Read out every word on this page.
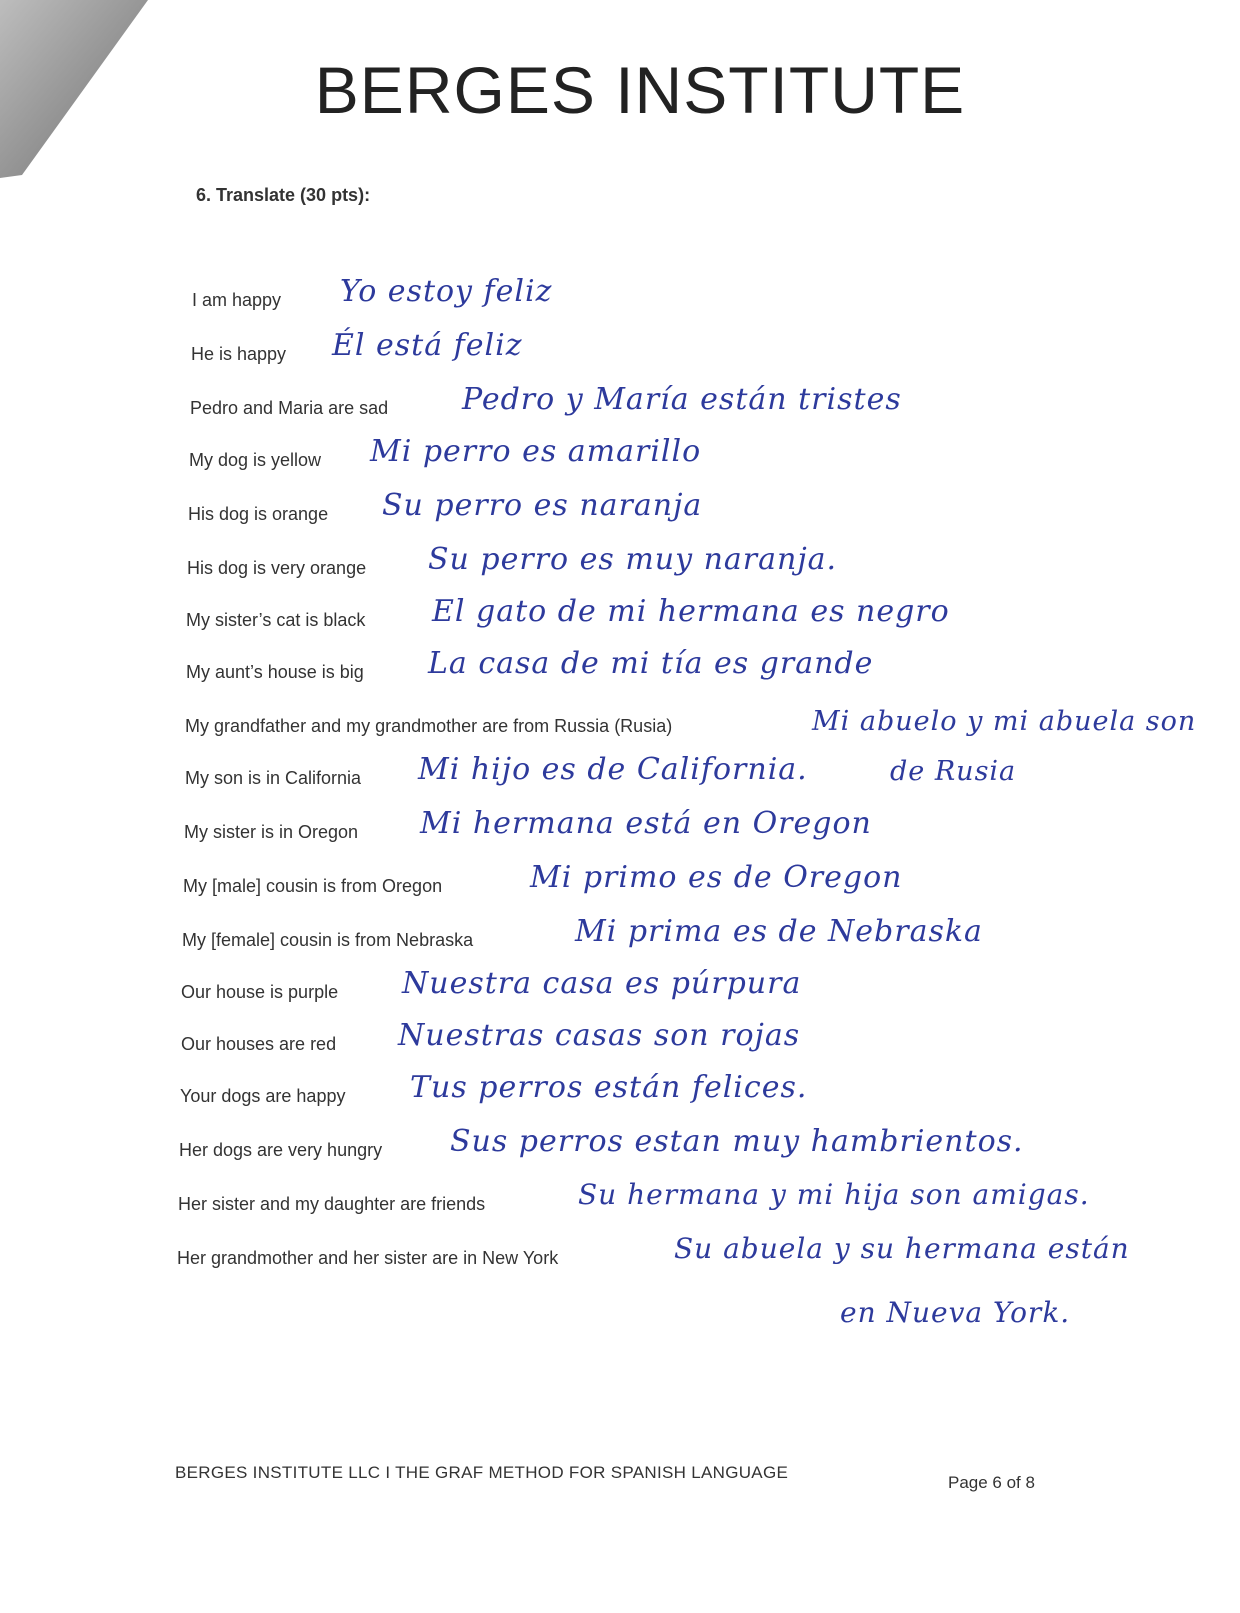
BERGES INSTITUTE
6. Translate (30 pts):
I am happy Yo estoy feliz
He is happy Él está feliz
Pedro and Maria are sad Pedro y María están tristes
My dog is yellow Mi perro es amarillo
His dog is orange Su perro es naranja
His dog is very orange Su perro es muy naranja.
My sister’s cat is black El gato de mi hermana es negro
My aunt’s house is big La casa de mi tía es grande
My grandfather and my grandmother are from Russia (Rusia)	Mi abuelo y mi abuela son
de Rusia
My son is in California Mi hijo es de California.
My sister is in Oregon Mi hermana está en Oregon
My [male] cousin is from Oregon	Mi primo es de Oregon
My [female] cousin is from Nebraska	Mi prima es de Nebraska
Our house is purple Nuestra casa es púrpura
Our houses are red Nuestras casas son rojas
Your dogs are happy Tus perros están felices.
Her dogs are very hungry Sus perros estan muy hambrientos.
Her sister and my daughter are friends	Su hermana y mi hija son amigas.
Her grandmother and her sister are in New York	Su abuela y su hermana están
en Nueva York.
BERGES INSTITUTE LLC I THE GRAF METHOD FOR SPANISH LANGUAGE
Page 6 of 8
